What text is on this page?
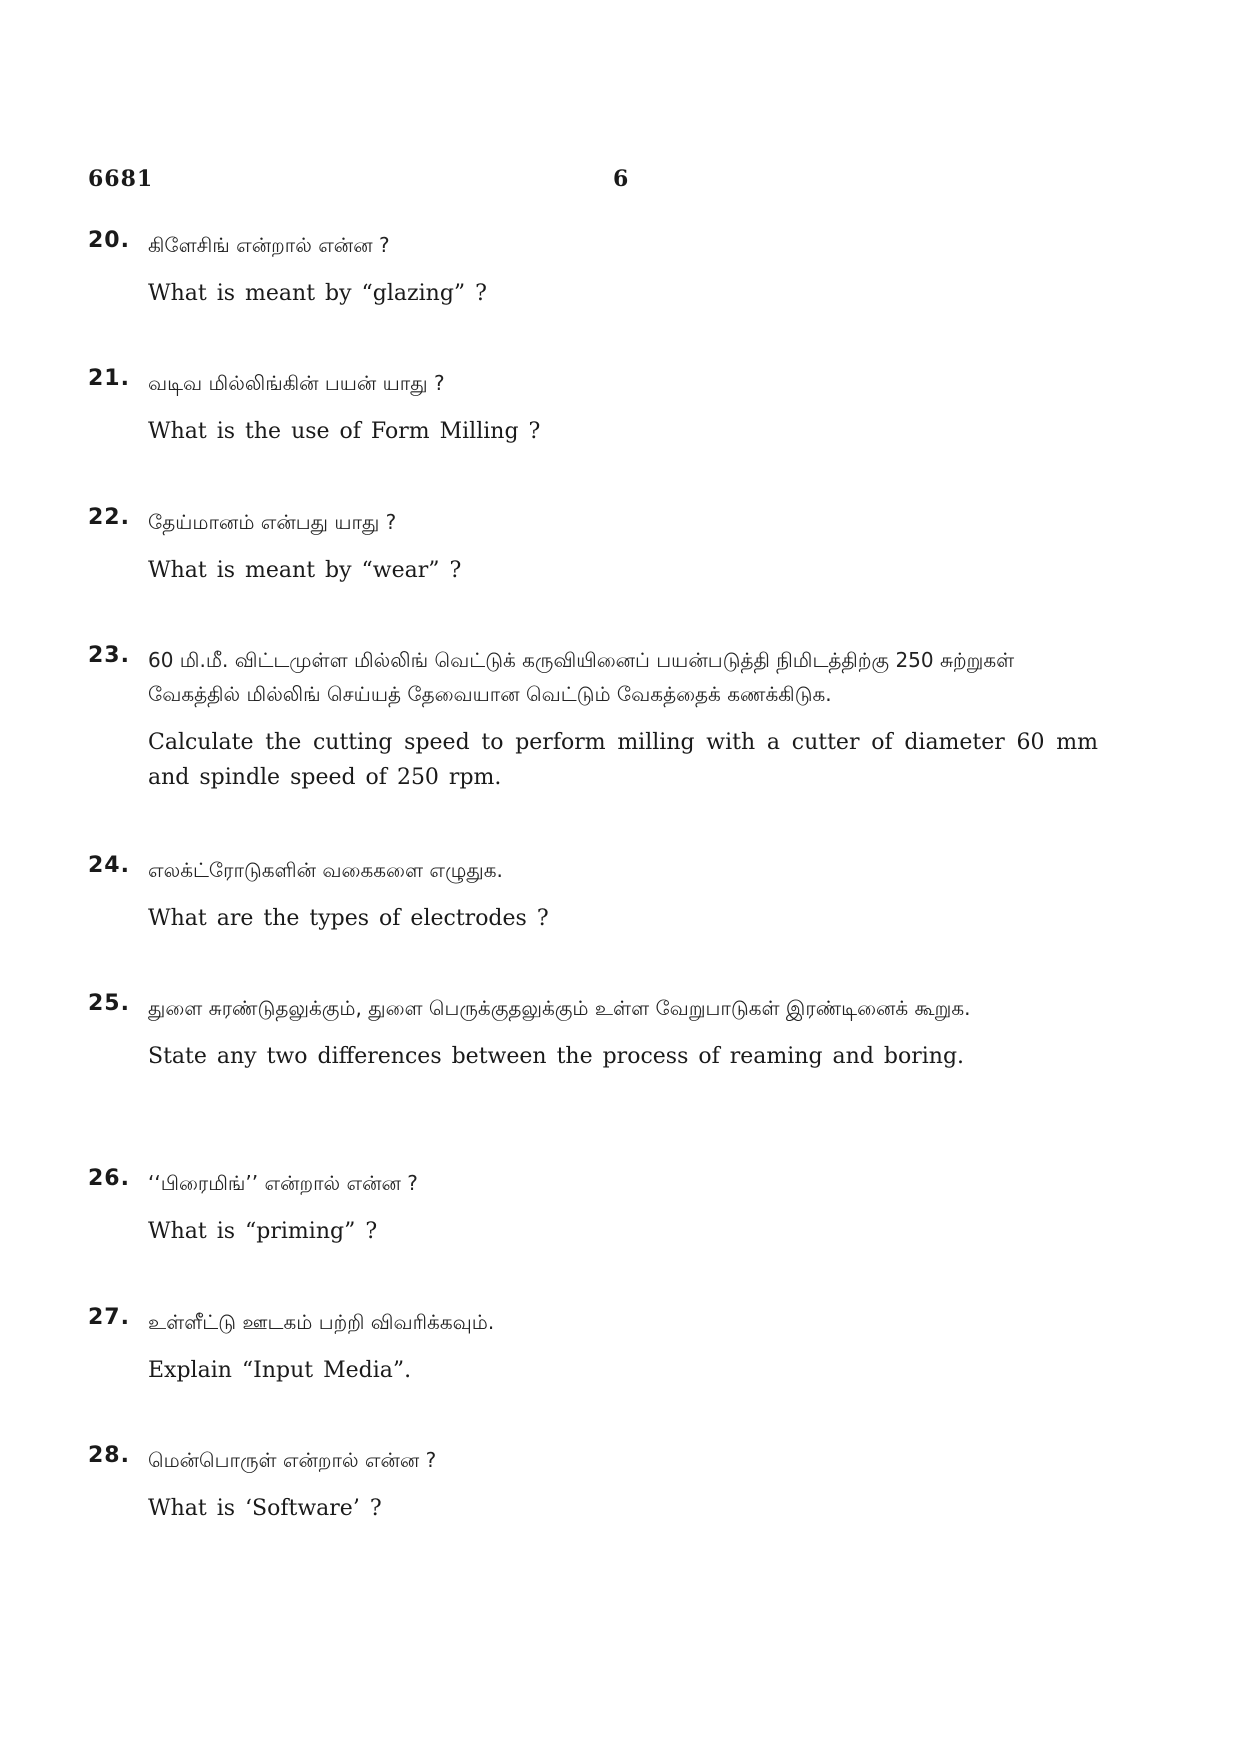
6681	6
20. கிளேசிங் என்றால் என்ன ?
What is meant by “glazing” ?
21. வடிவ மில்லிங்கின் பயன் யாது ?
What is the use of Form Milling ?
22. தேய்மானம் என்பது யாது ?
What is meant by “wear” ?
23. 60 மி.மீ. விட்டமுள்ள மில்லிங் வெட்டுக் கருவியினைப் பயன்படுத்தி நிமிடத்திற்கு 250 சுற்றுகள் வேகத்தில் மில்லிங் செய்யத் தேவையான வெட்டும் வேகத்தைக் கணக்கிடுக.
Calculate the cutting speed to perform milling with a cutter of diameter 60 mm and spindle speed of 250 rpm.
24. எலக்ட்ரோடுகளின் வகைகளை எழுதுக.
What are the types of electrodes ?
25. துளை சுரண்டுதலுக்கும், துளை பெருக்குதலுக்கும் உள்ள வேறுபாடுகள் இரண்டினைக் கூறுக.
State any two differences between the process of reaming and boring.
26. ‘‘பிரைமிங்’’ என்றால் என்ன ?
What is “priming” ?
27. உள்ளீட்டு ஊடகம் பற்றி விவரிக்கவும்.
Explain “Input Media”.
28. மென்பொருள் என்றால் என்ன ?
What is ‘Software’ ?
